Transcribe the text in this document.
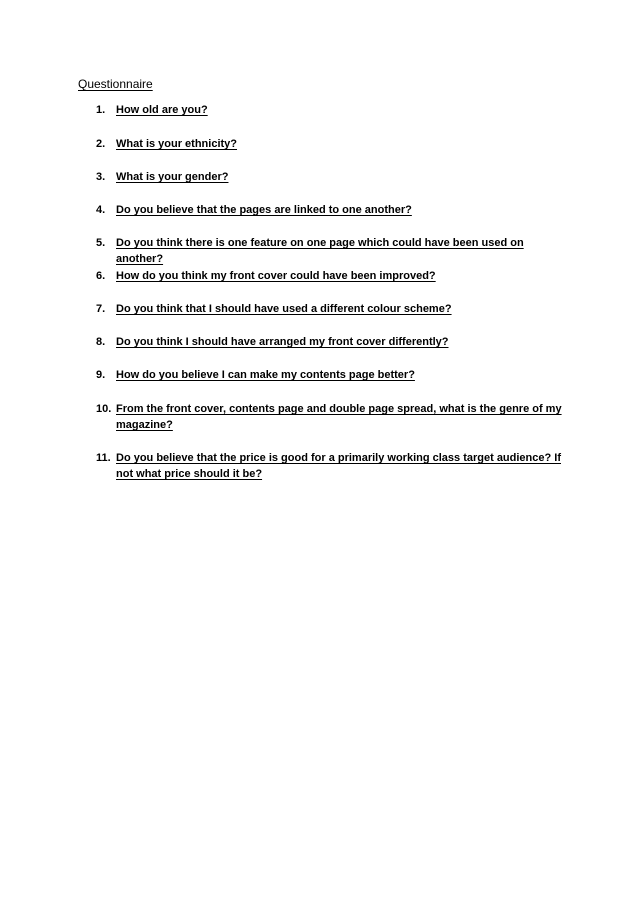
Questionnaire
1. How old are you?
2. What is your ethnicity?
3. What is your gender?
4. Do you believe that the pages are linked to one another?
5. Do you think there is one feature on one page which could have been used on another?
6. How do you think my front cover could have been improved?
7. Do you think that I should have used a different colour scheme?
8. Do you think I should have arranged my front cover differently?
9. How do you believe I can make my contents page better?
10. From the front cover, contents page and double page spread, what is the genre of my magazine?
11. Do you believe that the price is good for a primarily working class target audience? If not what price should it be?
